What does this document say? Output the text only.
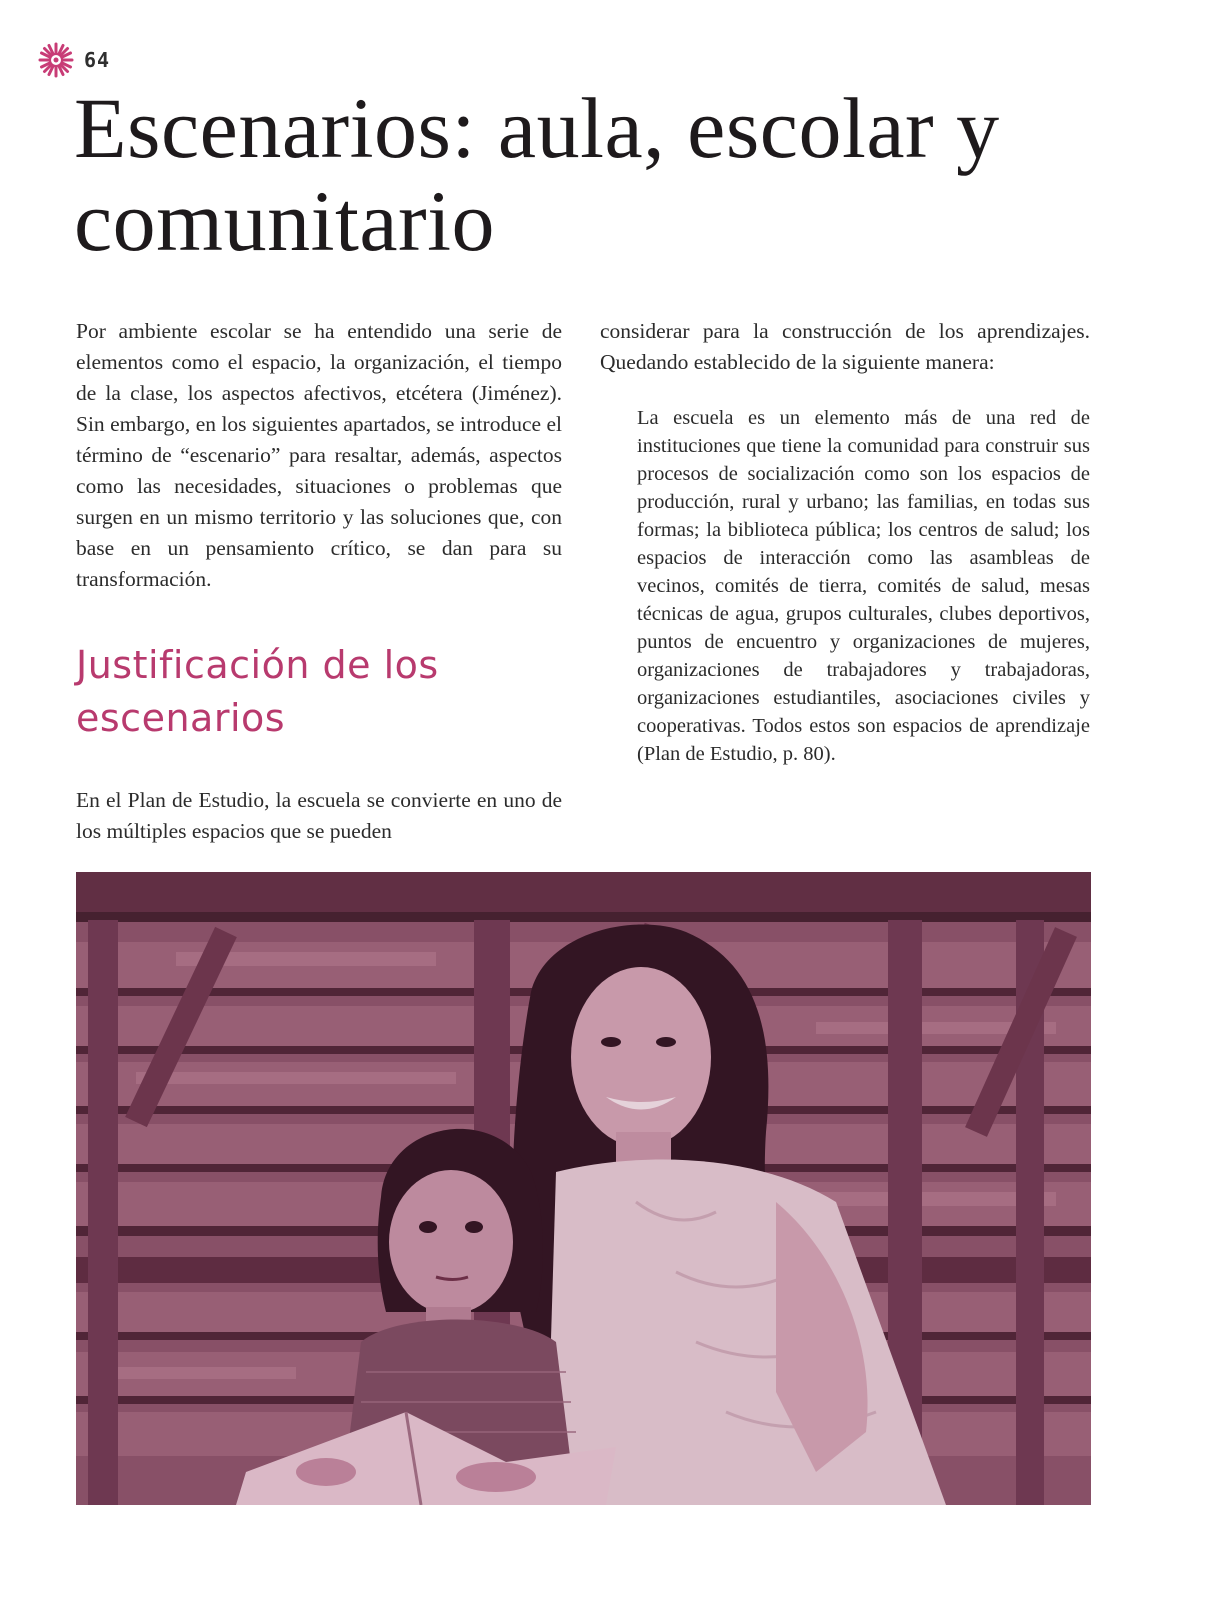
64
Escenarios: aula, escolar y comunitario

Por ambiente escolar se ha entendido una serie de elementos como el espacio, la organización, el tiempo de la clase, los aspectos afectivos, etcétera (Jiménez). Sin embargo, en los siguientes apartados, se introduce el término de “escenario” para resaltar, además, aspectos como las necesidades, situaciones o problemas que surgen en un mismo territorio y las soluciones que, con base en un pensamiento crítico, se dan para su transformación.

Justificación de los escenarios

En el Plan de Estudio, la escuela se convierte en uno de los múltiples espacios que se pueden

considerar para la construcción de los aprendizajes. Quedando establecido de la siguiente manera:

La escuela es un elemento más de una red de instituciones que tiene la comunidad para construir sus procesos de socialización como son los espacios de producción, rural y urbano; las familias, en todas sus formas; la biblioteca pública; los centros de salud; los espacios de interacción como las asambleas de vecinos, comités de tierra, comités de salud, mesas técnicas de agua, grupos culturales, clubes deportivos, puntos de encuentro y organizaciones de mujeres, organizaciones de trabajadores y trabajadoras, organizaciones estudiantiles, asociaciones civiles y cooperativas. Todos estos son espacios de aprendizaje (Plan de Estudio, p. 80).
